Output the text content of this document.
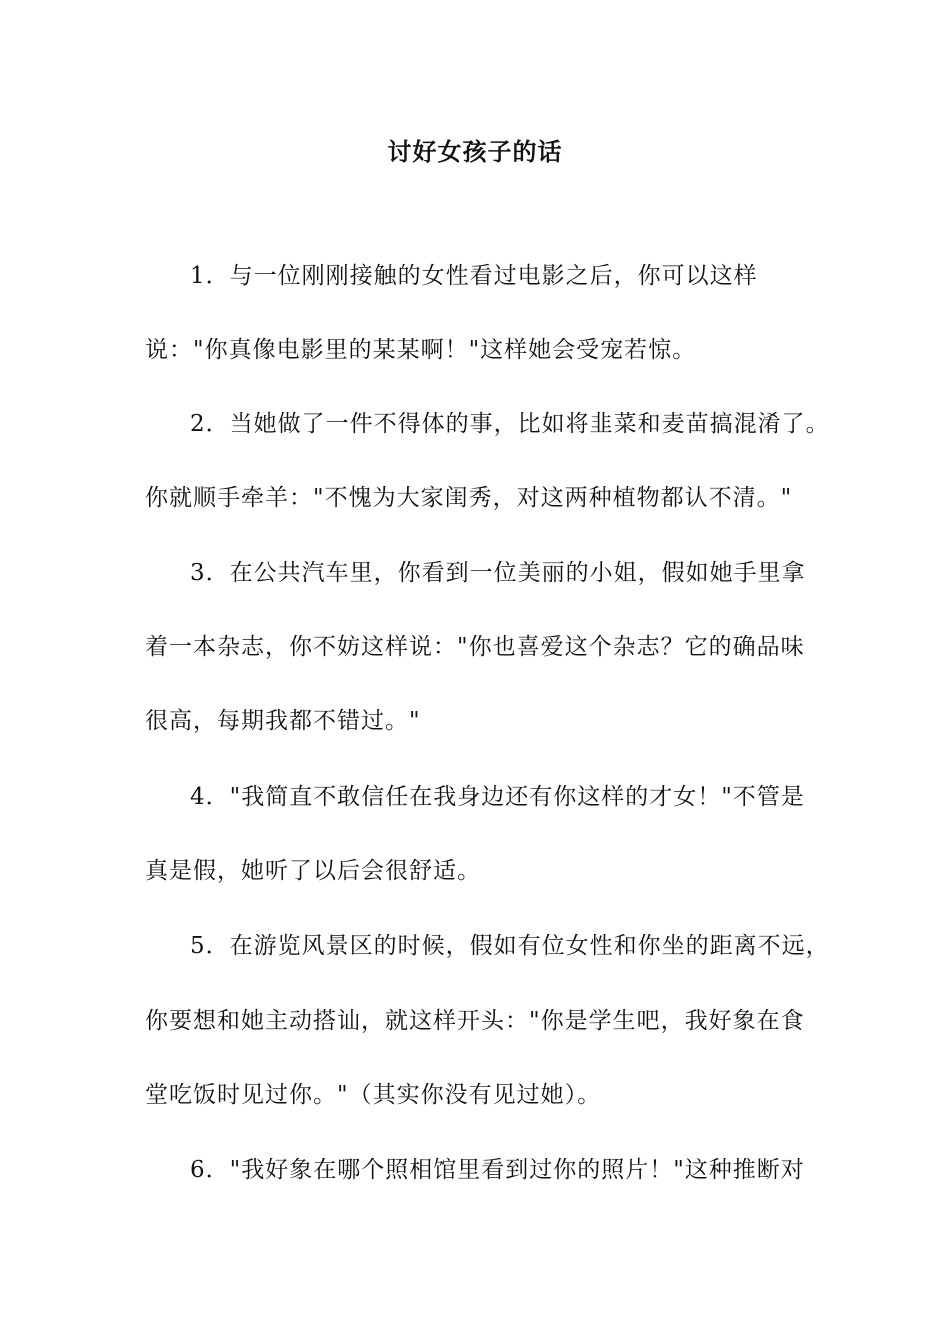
讨好女孩子的话
1．与一位刚刚接触的女性看过电影之后，你可以这样
说："你真像电影里的某某啊！"这样她会受宠若惊。
2．当她做了一件不得体的事，比如将韭菜和麦苗搞混淆了。
你就顺手牵羊："不愧为大家闺秀，对这两种植物都认不清。"
3．在公共汽车里，你看到一位美丽的小姐，假如她手里拿
着一本杂志，你不妨这样说："你也喜爱这个杂志？它的确品味
很高，每期我都不错过。"
4．"我简直不敢信任在我身边还有你这样的才女！"不管是
真是假，她听了以后会很舒适。
5．在游览风景区的时候，假如有位女性和你坐的距离不远，
你要想和她主动搭讪，就这样开头："你是学生吧，我好象在食
堂吃饭时见过你。"（其实你没有见过她）。
6．"我好象在哪个照相馆里看到过你的照片！"这种推断对
